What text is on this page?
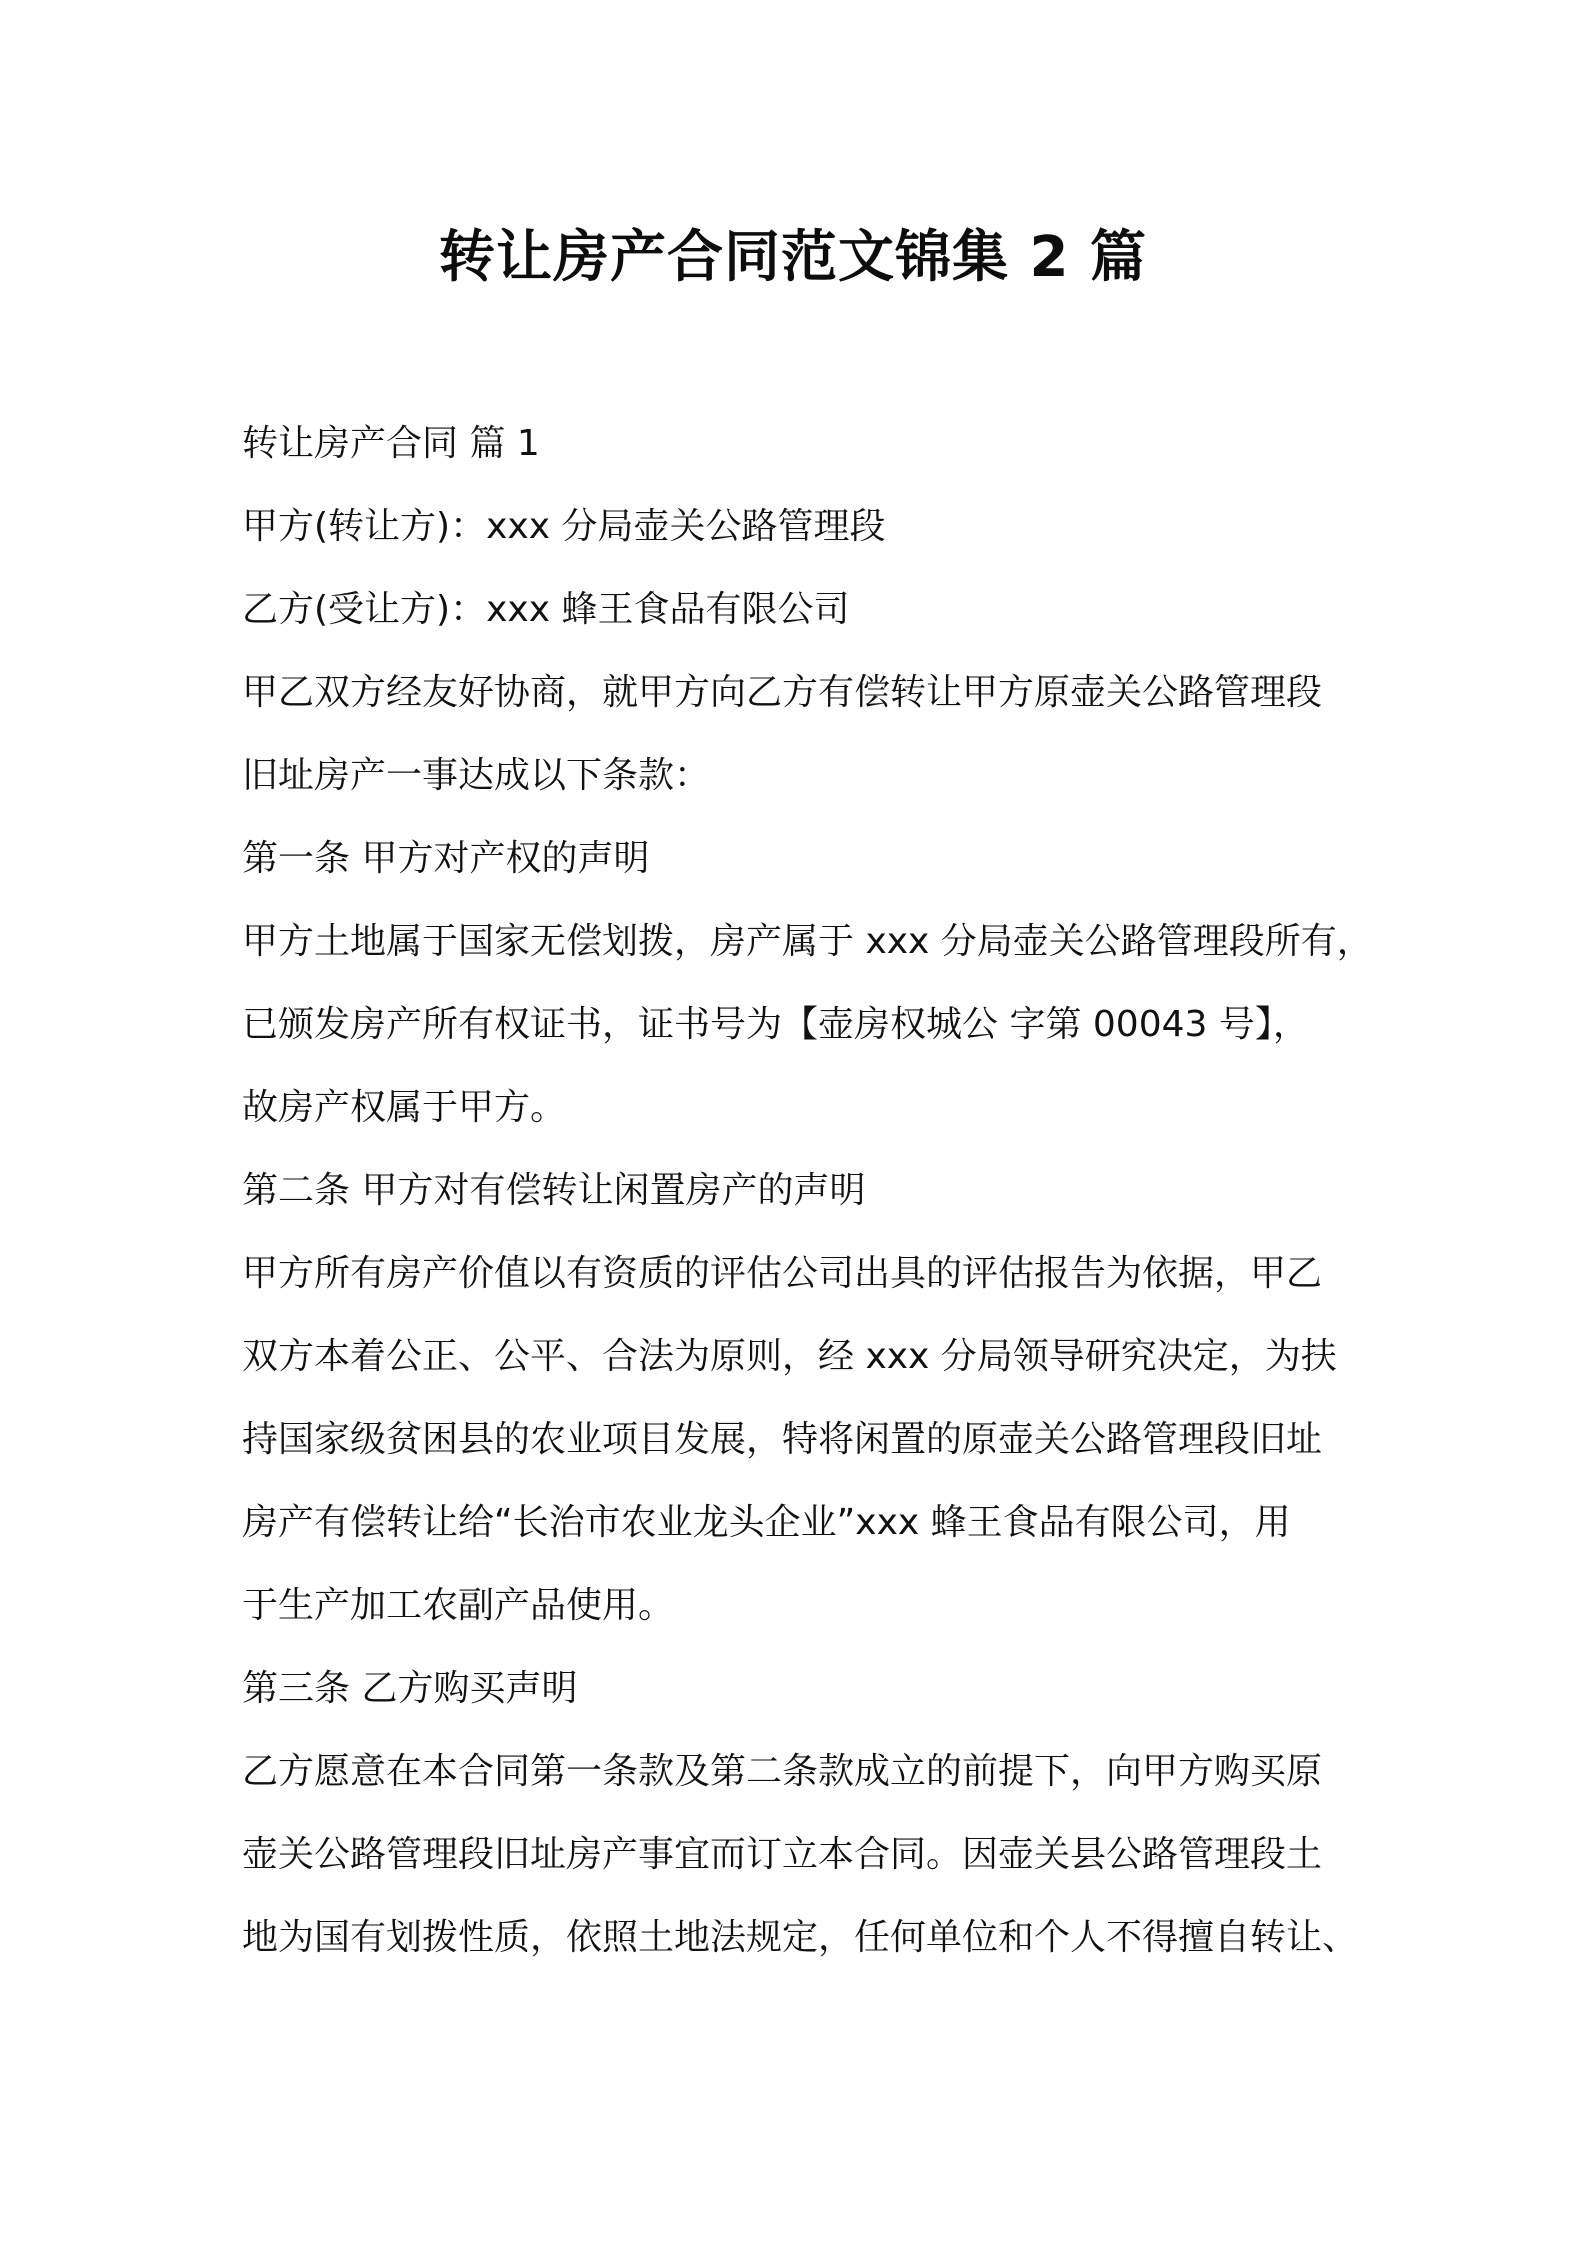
转让房产合同范文锦集 2 篇
转让房产合同 篇 1
甲方(转让方)：xxx 分局壶关公路管理段
乙方(受让方)：xxx 蜂王食品有限公司
甲乙双方经友好协商，就甲方向乙方有偿转让甲方原壶关公路管理段
旧址房产一事达成以下条款：
第一条 甲方对产权的声明
甲方土地属于国家无偿划拨，房产属于 xxx 分局壶关公路管理段所有，
已颁发房产所有权证书，证书号为【壶房权城公 字第 00043 号】，
故房产权属于甲方。
第二条 甲方对有偿转让闲置房产的声明
甲方所有房产价值以有资质的评估公司出具的评估报告为依据，甲乙
双方本着公正、公平、合法为原则，经 xxx 分局领导研究决定，为扶
持国家级贫困县的农业项目发展，特将闲置的原壶关公路管理段旧址
房产有偿转让给“长治市农业龙头企业”xxx 蜂王食品有限公司，用
于生产加工农副产品使用。
第三条 乙方购买声明
乙方愿意在本合同第一条款及第二条款成立的前提下，向甲方购买原
壶关公路管理段旧址房产事宜而订立本合同。因壶关县公路管理段土
地为国有划拨性质，依照土地法规定，任何单位和个人不得擅自转让、
